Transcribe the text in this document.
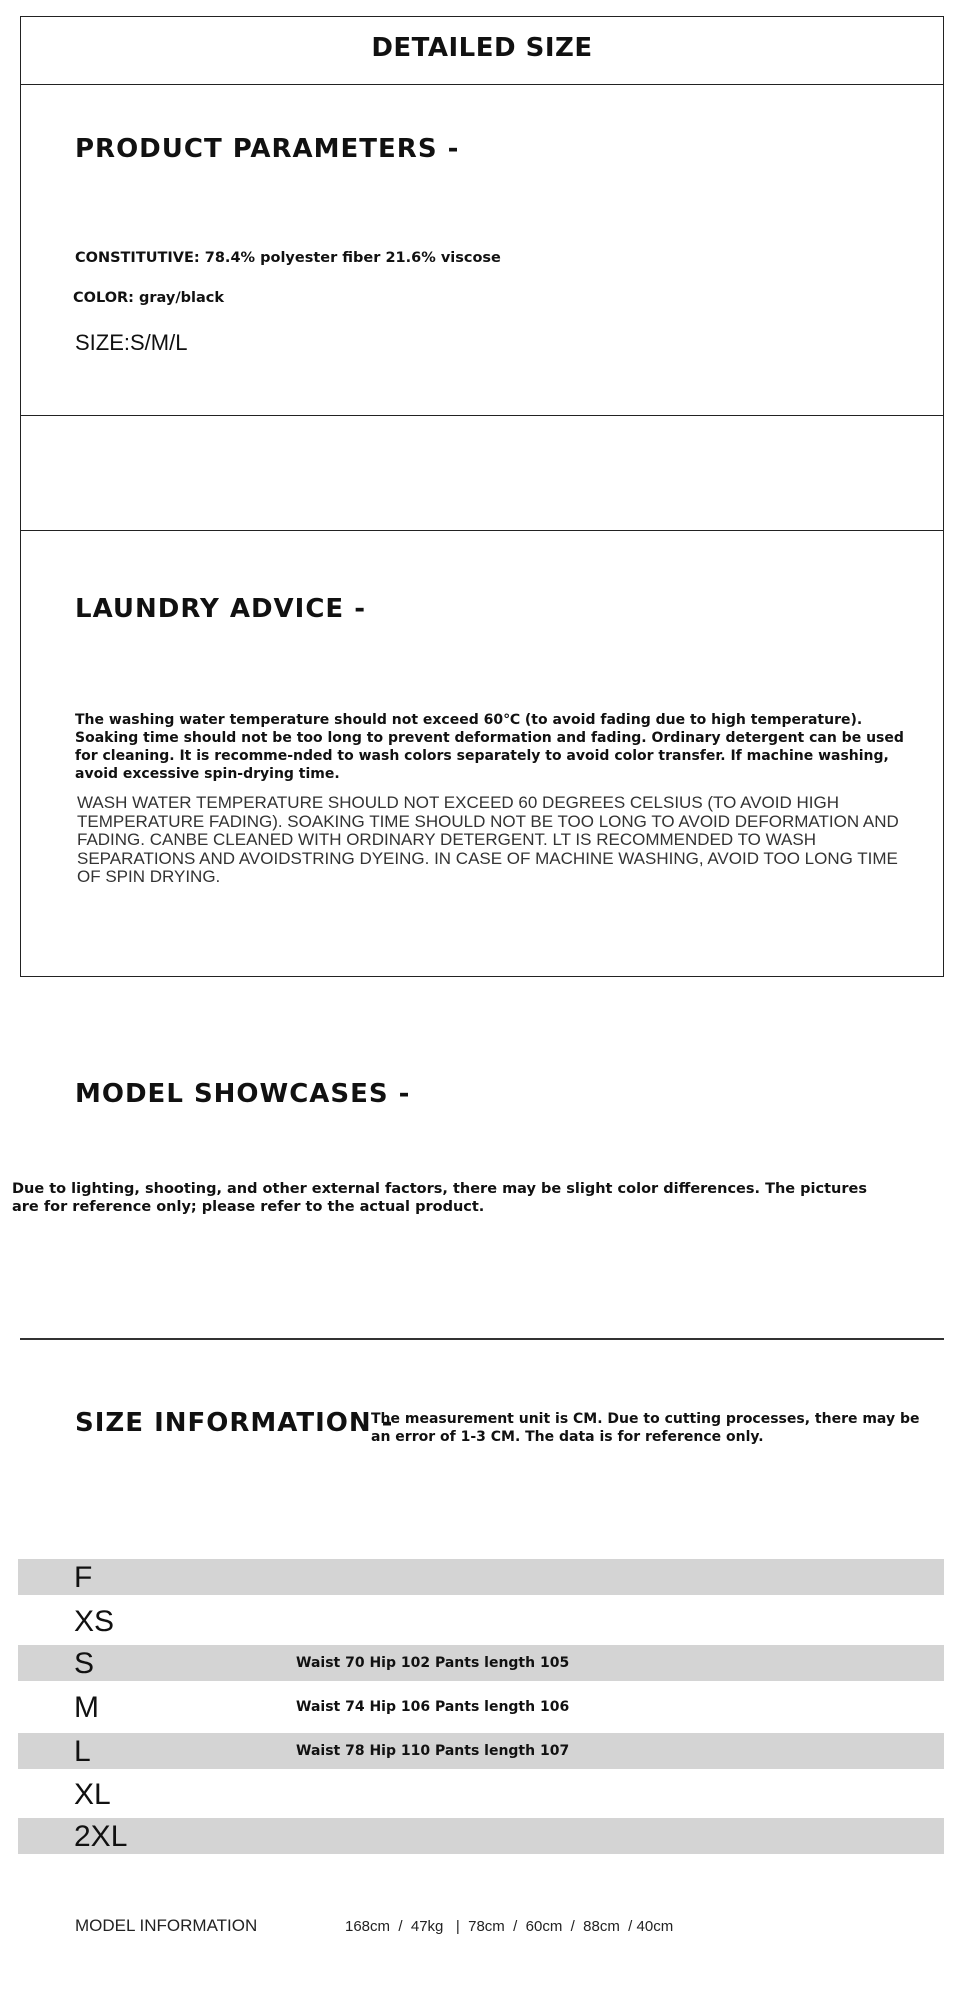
DETAILED SIZE
PRODUCT PARAMETERS -
CONSTITUTIVE: 78.4% polyester fiber 21.6% viscose
COLOR: gray/black
SIZE:S/M/L
LAUNDRY ADVICE -
The washing water temperature should not exceed 60℃ (to avoid fading due to high temperature). Soaking time should not be too long to prevent deformation and fading. Ordinary detergent can be used for cleaning. It is recomme-nded to wash colors separately to avoid color transfer. If machine washing, avoid excessive spin-drying time.
WASH WATER TEMPERATURE SHOULD NOT EXCEED 60 DEGREES CELSIUS (TO AVOID HIGH TEMPERATURE FADING). SOAKING TIME SHOULD NOT BE TOO LONG TO AVOID DEFORMATION AND FADING. CANBE CLEANED WITH ORDINARY DETERGENT. LT IS RECOMMENDED TO WASH SEPARATIONS AND AVOIDSTRING DYEING. IN CASE OF MACHINE WASHING, AVOID TOO LONG TIME OF SPIN DRYING.
MODEL SHOWCASES -
Due to lighting, shooting, and other external factors, there may be slight color differences. The pictures are for reference only; please refer to the actual product.
SIZE INFORMATION -
The measurement unit is CM. Due to cutting processes, there may be an error of 1-3 CM. The data is for reference only.
F
XS
S	Waist 70 Hip 102 Pants length 105
M	Waist 74 Hip 106 Pants length 106
L	Waist 78 Hip 110 Pants length 107
XL
2XL
MODEL INFORMATION	168cm  /  47kg   |  78cm  /  60cm  /  88cm  / 40cm
